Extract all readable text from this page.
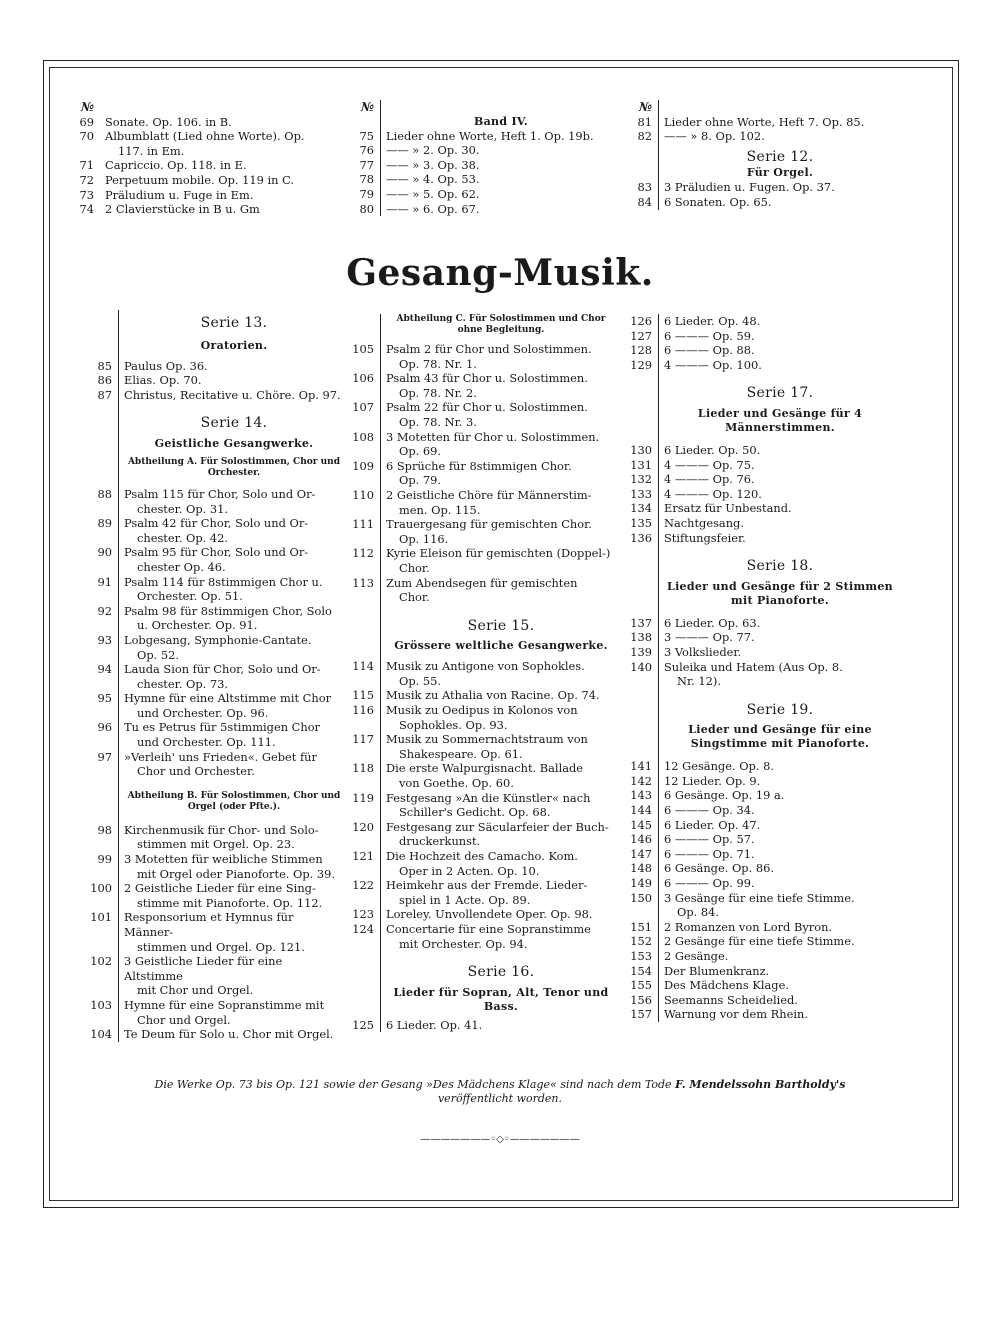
№
69 Sonate. Op. 106. in B.
70 Albumblatt (Lied ohne Worte). Op.
117. in Em.
71 Capriccio. Op. 118. in E.
72 Perpetuum mobile. Op. 119 in C.
73 Präludium u. Fuge in Em.
74 2 Clavierstücke in B u. Gm
№
Band IV.
75	Lieder ohne Worte, Heft 1. Op. 19b.
76	—— » 2. Op. 30.
77	—— » 3. Op. 38.
78	—— » 4. Op. 53.
79	—— » 5. Op. 62.
80	—— » 6. Op. 67.
№
81	Lieder ohne Worte, Heft 7. Op. 85.
82	—— » 8. Op. 102.
Serie 12.
Für Orgel.
83	3 Präludien u. Fugen. Op. 37.
84	6 Sonaten. Op. 65.
Gesang-Musik.
Serie 13.
Oratorien.
85	Paulus Op. 36.
86	Elias. Op. 70.
87	Christus, Recitative u. Chöre. Op. 97.
Serie 14.
Geistliche Gesangwerke.
Abtheilung A. Für Solostimmen, Chor und Orchester.
88	Psalm 115 für Chor, Solo und Or-
chester. Op. 31.
89	Psalm 42 für Chor, Solo und Or-
chester. Op. 42.
90	Psalm 95 für Chor, Solo und Or-
chester Op. 46.
91	Psalm 114 für 8stimmigen Chor u.
Orchester. Op. 51.
92	Psalm 98 für 8stimmigen Chor, Solo
u. Orchester. Op. 91.
93	Lobgesang, Symphonie-Cantate.
Op. 52.
94	Lauda Sion für Chor, Solo und Or-
chester. Op. 73.
95	Hymne für eine Altstimme mit Chor
und Orchester. Op. 96.
96	Tu es Petrus für 5stimmigen Chor
und Orchester. Op. 111.
97	»Verleih' uns Frieden«. Gebet für
Chor und Orchester.
Abtheilung B. Für Solostimmen, Chor und Orgel (oder Pfte.).
98	Kirchenmusik für Chor- und Solo-
stimmen mit Orgel. Op. 23.
99	3 Motetten für weibliche Stimmen
mit Orgel oder Pianoforte. Op. 39.
100	2 Geistliche Lieder für eine Sing-
stimme mit Pianoforte. Op. 112.
101	Responsorium et Hymnus für Männer-
stimmen und Orgel. Op. 121.
102	3 Geistliche Lieder für eine Altstimme
mit Chor und Orgel.
103	Hymne für eine Sopranstimme mit
Chor und Orgel.
104	Te Deum für Solo u. Chor mit Orgel.
Abtheilung C. Für Solostimmen und Chor ohne Begleitung.
105	Psalm 2 für Chor und Solostimmen.
Op. 78. Nr. 1.
106	Psalm 43 für Chor u. Solostimmen.
Op. 78. Nr. 2.
107	Psalm 22 für Chor u. Solostimmen.
Op. 78. Nr. 3.
108	3 Motetten für Chor u. Solostimmen.
Op. 69.
109	6 Sprüche für 8stimmigen Chor.
Op. 79.
110	2 Geistliche Chöre für Männerstim-
men. Op. 115.
111	Trauergesang für gemischten Chor.
Op. 116.
112	Kyrie Eleison für gemischten (Doppel-)
Chor.
113	Zum Abendsegen für gemischten
Chor.
Serie 15.
Grössere weltliche Gesangwerke.
114	Musik zu Antigone von Sophokles.
Op. 55.
115	Musik zu Athalia von Racine. Op. 74.
116	Musik zu Oedipus in Kolonos von
Sophokles. Op. 93.
117	Musik zu Sommernachtstraum von
Shakespeare. Op. 61.
118	Die erste Walpurgisnacht. Ballade
von Goethe. Op. 60.
119	Festgesang »An die Künstler« nach
Schiller's Gedicht. Op. 68.
120	Festgesang zur Säcularfeier der Buch-
druckerkunst.
121	Die Hochzeit des Camacho. Kom.
Oper in 2 Acten. Op. 10.
122	Heimkehr aus der Fremde. Lieder-
spiel in 1 Acte. Op. 89.
123	Loreley. Unvollendete Oper. Op. 98.
124	Concertarie für eine Sopranstimme
mit Orchester. Op. 94.
Serie 16.
Lieder für Sopran, Alt, Tenor und Bass.
125	6 Lieder. Op. 41.
126	6 Lieder. Op. 48.
127	6 ——— Op. 59.
128	6 ——— Op. 88.
129	4 ——— Op. 100.
Serie 17.
Lieder und Gesänge für 4 Männerstimmen.
130	6 Lieder. Op. 50.
131	4 ——— Op. 75.
132	4 ——— Op. 76.
133	4 ——— Op. 120.
134	Ersatz für Unbestand.
135	Nachtgesang.
136	Stiftungsfeier.
Serie 18.
Lieder und Gesänge für 2 Stimmen mit Pianoforte.
137	6 Lieder. Op. 63.
138	3 ——— Op. 77.
139	3 Volkslieder.
140	Suleika und Hatem (Aus Op. 8.
Nr. 12).
Serie 19.
Lieder und Gesänge für eine Singstimme mit Pianoforte.
141	12 Gesänge. Op. 8.
142	12 Lieder. Op. 9.
143	6 Gesänge. Op. 19 a.
144	6 ——— Op. 34.
145	6 Lieder. Op. 47.
146	6 ——— Op. 57.
147	6 ——— Op. 71.
148	6 Gesänge. Op. 86.
149	6 ——— Op. 99.
150	3 Gesänge für eine tiefe Stimme.
Op. 84.
151	2 Romanzen von Lord Byron.
152	2 Gesänge für eine tiefe Stimme.
153	2 Gesänge.
154	Der Blumenkranz.
155	Des Mädchens Klage.
156	Seemanns Scheidelied.
157	Warnung vor dem Rhein.
Die Werke Op. 73 bis Op. 121 sowie der Gesang »Des Mädchens Klage« sind nach dem Tode F. Mendelssohn Bartholdy's
veröffentlicht worden.
———————◦◇◦———————
